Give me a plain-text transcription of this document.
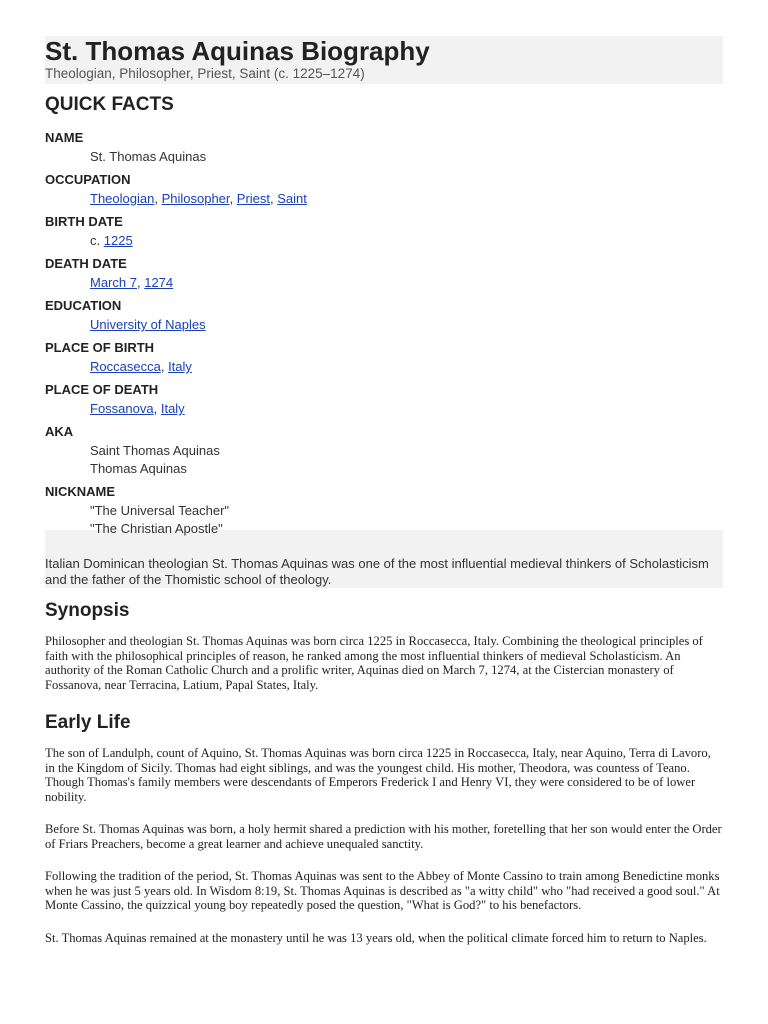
St. Thomas Aquinas Biography

Theologian, Philosopher, Priest, Saint (c. 1225–1274)

QUICK FACTS
NAME
St. Thomas Aquinas
OCCUPATION
Theologian, Philosopher, Priest, Saint
BIRTH DATE
c. 1225
DEATH DATE
March 7, 1274
EDUCATION
University of Naples
PLACE OF BIRTH
Roccasecca, Italy
PLACE OF DEATH
Fossanova, Italy
AKA
Saint Thomas Aquinas
Thomas Aquinas
NICKNAME
"The Universal Teacher"
"The Christian Apostle"
Italian Dominican theologian St. Thomas Aquinas was one of the most influential medieval thinkers of Scholasticism and the father of the Thomistic school of theology.
Synopsis

Philosopher and theologian St. Thomas Aquinas was born circa 1225 in Roccasecca, Italy. Combining the theological principles of faith with the philosophical principles of reason, he ranked among the most influential thinkers of medieval Scholasticism. An authority of the Roman Catholic Church and a prolific writer, Aquinas died on March 7, 1274, at the Cistercian monastery of Fossanova, near Terracina, Latium, Papal States, Italy.

Early Life

The son of Landulph, count of Aquino, St. Thomas Aquinas was born circa 1225 in Roccasecca, Italy, near Aquino, Terra di Lavoro, in the Kingdom of Sicily. Thomas had eight siblings, and was the youngest child. His mother, Theodora, was countess of Teano. Though Thomas's family members were descendants of Emperors Frederick I and Henry VI, they were considered to be of lower nobility.

Before St. Thomas Aquinas was born, a holy hermit shared a prediction with his mother, foretelling that her son would enter the Order of Friars Preachers, become a great learner and achieve unequaled sanctity.

Following the tradition of the period, St. Thomas Aquinas was sent to the Abbey of Monte Cassino to train among Benedictine monks when he was just 5 years old. In Wisdom 8:19, St. Thomas Aquinas is described as "a witty child" who "had received a good soul." At Monte Cassino, the quizzical young boy repeatedly posed the question, "What is God?" to his benefactors.

St. Thomas Aquinas remained at the monastery until he was 13 years old, when the political climate forced him to return to Naples.
